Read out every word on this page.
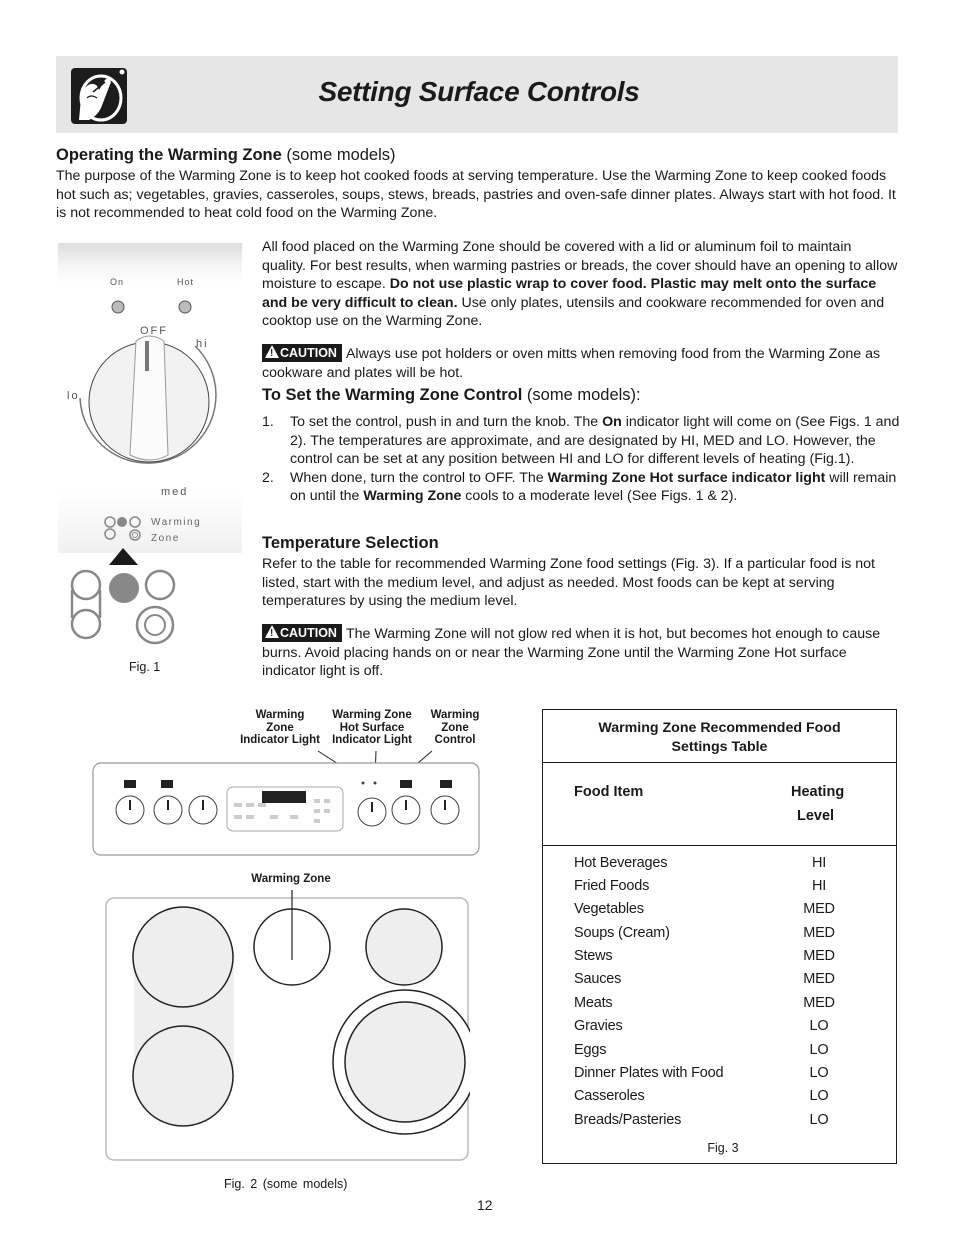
Setting Surface Controls
Operating the Warming Zone (some models)
The purpose of the Warming Zone is to keep hot cooked foods at serving temperature. Use the Warming Zone to keep cooked foods hot such as; vegetables, gravies, casseroles, soups, stews, breads, pastries and oven-safe dinner plates. Always start with hot food. It is not recommended to heat cold food on the Warming Zone.
On	Hot
OFF
hi
lo
med
Warming
Zone
Fig. 1
All food placed on the Warming Zone should be covered with a lid or aluminum foil to maintain quality. For best results, when warming pastries or breads, the cover should have an opening to allow moisture to escape. Do not use plastic wrap to cover food. Plastic may melt onto the surface and be very difficult to clean. Use only plates, utensils and cookware recommended for oven and cooktop use on the Warming Zone.
!CAUTION Always use pot holders or oven mitts when removing food from the Warming Zone as cookware and plates will be hot.
To Set the Warming Zone Control (some models):
1. To set the control, push in and turn the knob. The On indicator light will come on (See Figs. 1 and 2). The temperatures are approximate, and are designated by HI, MED and LO. However, the control can be set at any position between HI and LO for different levels of heating (Fig.1).
2. When done, turn the control to OFF. The Warming Zone Hot surface indicator light will remain on until the Warming Zone cools to a moderate level (See Figs. 1 & 2).
Temperature Selection
Refer to the table for recommended Warming Zone food settings (Fig. 3). If a particular food is not listed, start with the medium level, and adjust as needed. Most foods can be kept at serving temperatures by using the medium level.
!CAUTION The Warming Zone will not glow red when it is hot, but becomes hot enough to cause burns. Avoid placing hands on or near the Warming Zone until the Warming Zone Hot surface indicator light is off.
Warming
Zone
Indicator Light
Warming Zone
Hot Surface
Indicator Light
Warming
Zone
Control
Warming Zone
Fig. 2 (some models)
Warming Zone Recommended Food
Settings Table
Food Item	Heating
Level
Hot Beverages	HI
Fried Foods	HI
Vegetables	MED
Soups (Cream)	MED
Stews	MED
Sauces	MED
Meats	MED
Gravies	LO
Eggs	LO
Dinner Plates with Food	LO
Casseroles	LO
Breads/Pasteries	LO
Fig. 3
12
